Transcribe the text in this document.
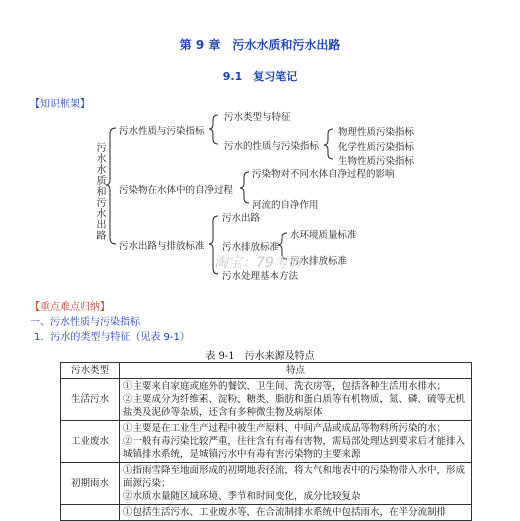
第 9 章　污水水质和污水出路
9.1　复习笔记
【知识框架】
污水水质和污水出路
污水性质与污染指标
污水类型与特征
污水的性质与污染指标
物理性质污染指标
化学性质污染指标
生物性质污染指标
污染物在水体中的自净过程
污染物对不同水体自净过程的影响
河流的自净作用
污水出路与排放标准
污水出路
污水排放标准
污水处理基本方法
水环境质量标准
污水排放标准
淘宝：79考研
【重点难点归纳】
一、污水性质与污染指标
1．污水的类型与特征（见表 9-1）
表 9-1　污水来源及特点
污水类型	特点
生活污水	①主要来自家庭或庭外的餐饮、卫生间、洗衣房等，包括各种生活用水排水；
②主要成分为纤维素、淀粉、糖类、脂肪和蛋白质等有机物质，氮、磷、硫等无机盐类及泥砂等杂质，还含有多种微生物及病原体

工业废水	①主要是在工业生产过程中被生产原料、中间产品或成品等物料所污染的水；
②一般有毒污染比较严重，往往含有有毒有害物，需局部处理达到要求后才能排入城镇排水系统，是城镇污水中有毒有害污染物的主要来源

初期雨水	①指雨雪降至地面形成的初期地表径流，将大气和地表中的污染物带入水中，形成面源污染；
②水质水量随区域环境、季节和时间变化，成分比较复杂

	①包括生活污水、工业废水等，在合流制排水系统中包括雨水，在半分流制排
